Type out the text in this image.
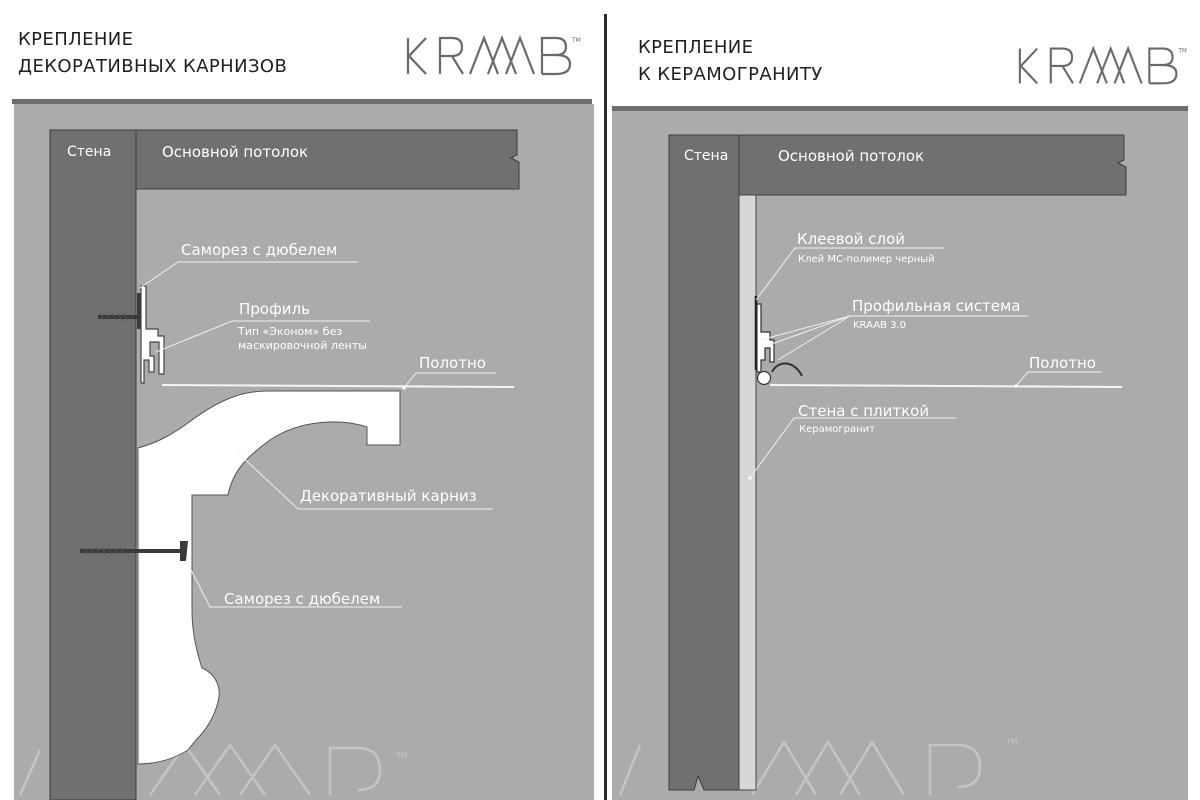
КРЕПЛЕНИЕ
ДЕКОРАТИВНЫХ КАРНИЗОВ
TM
TM
Стена	Основной потолок
Саморез с дюбелем
Профиль
Тип «Эконом» без
маскировочной ленты
Полотно
Декоративный карниз
Саморез с дюбелем
КРЕПЛЕНИЕ
К КЕРАМОГРАНИТУ
TM
TM
Стена	Основной потолок
Клеевой слой
Клей МС-полимер черный
Профильная система
KRAAB 3.0
Полотно
Стена с плиткой
Керамогранит
